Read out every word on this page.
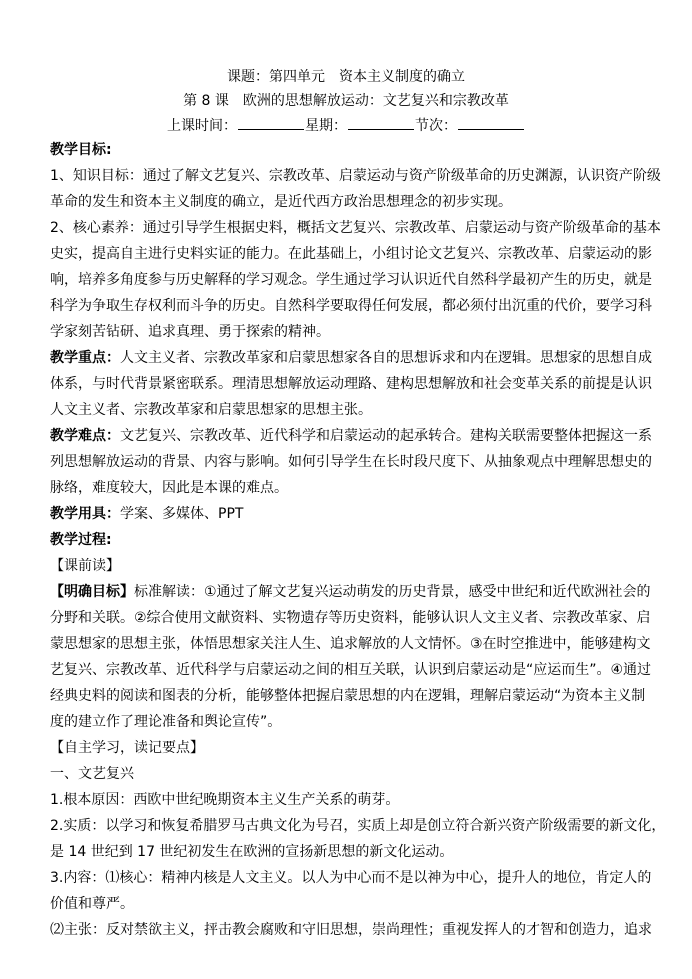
课题：第四单元　资本主义制度的确立
第 8 课　欧洲的思想解放运动：文艺复兴和宗教改革
上课时间：	星期：	节次：
教学目标:
1、知识目标：通过了解文艺复兴、宗教改革、启蒙运动与资产阶级革命的历史渊源，认识资产阶级
革命的发生和资本主义制度的确立，是近代西方政治思想理念的初步实现。
2、核心素养：通过引导学生根据史料，概括文艺复兴、宗教改革、启蒙运动与资产阶级革命的基本
史实，提高自主进行史料实证的能力。在此基础上，小组讨论文艺复兴、宗教改革、启蒙运动的影
响，培养多角度参与历史解释的学习观念。学生通过学习认识近代自然科学最初产生的历史，就是
科学为争取生存权利而斗争的历史。自然科学要取得任何发展，都必须付出沉重的代价，要学习科
学家刻苦钻研、追求真理、勇于探索的精神。
教学重点：人文主义者、宗教改革家和启蒙思想家各自的思想诉求和内在逻辑。思想家的思想自成
体系，与时代背景紧密联系。理清思想解放运动理路、建构思想解放和社会变革关系的前提是认识
人文主义者、宗教改革家和启蒙思想家的思想主张。
教学难点：文艺复兴、宗教改革、近代科学和启蒙运动的起承转合。建构关联需要整体把握这一系
列思想解放运动的背景、内容与影响。如何引导学生在长时段尺度下、从抽象观点中理解思想史的
脉络，难度较大，因此是本课的难点。
教学用具：学案、多媒体、PPT
教学过程:
【课前读】
【明确目标】标准解读：①通过了解文艺复兴运动萌发的历史背景，感受中世纪和近代欧洲社会的
分野和关联。②综合使用文献资料、实物遗存等历史资料，能够认识人文主义者、宗教改革家、启
蒙思想家的思想主张，体悟思想家关注人生、追求解放的人文情怀。③在时空推进中，能够建构文
艺复兴、宗教改革、近代科学与启蒙运动之间的相互关联，认识到启蒙运动是“应运而生”。④通过
经典史料的阅读和图表的分析，能够整体把握启蒙思想的内在逻辑，理解启蒙运动“为资本主义制
度的建立作了理论准备和舆论宣传”。
【自主学习，读记要点】
一、文艺复兴
1.根本原因：西欧中世纪晚期资本主义生产关系的萌芽。
2.实质：以学习和恢复希腊罗马古典文化为号召，实质上却是创立符合新兴资产阶级需要的新文化，
是 14 世纪到 17 世纪初发生在欧洲的宣扬新思想的新文化运动。
3.内容：⑴核心：精神内核是人文主义。以人为中心而不是以神为中心，提升人的地位，肯定人的
价值和尊严。
⑵主张：反对禁欲主义，抨击教会腐败和守旧思想，崇尚理性；重视发挥人的才智和创造力，追求
